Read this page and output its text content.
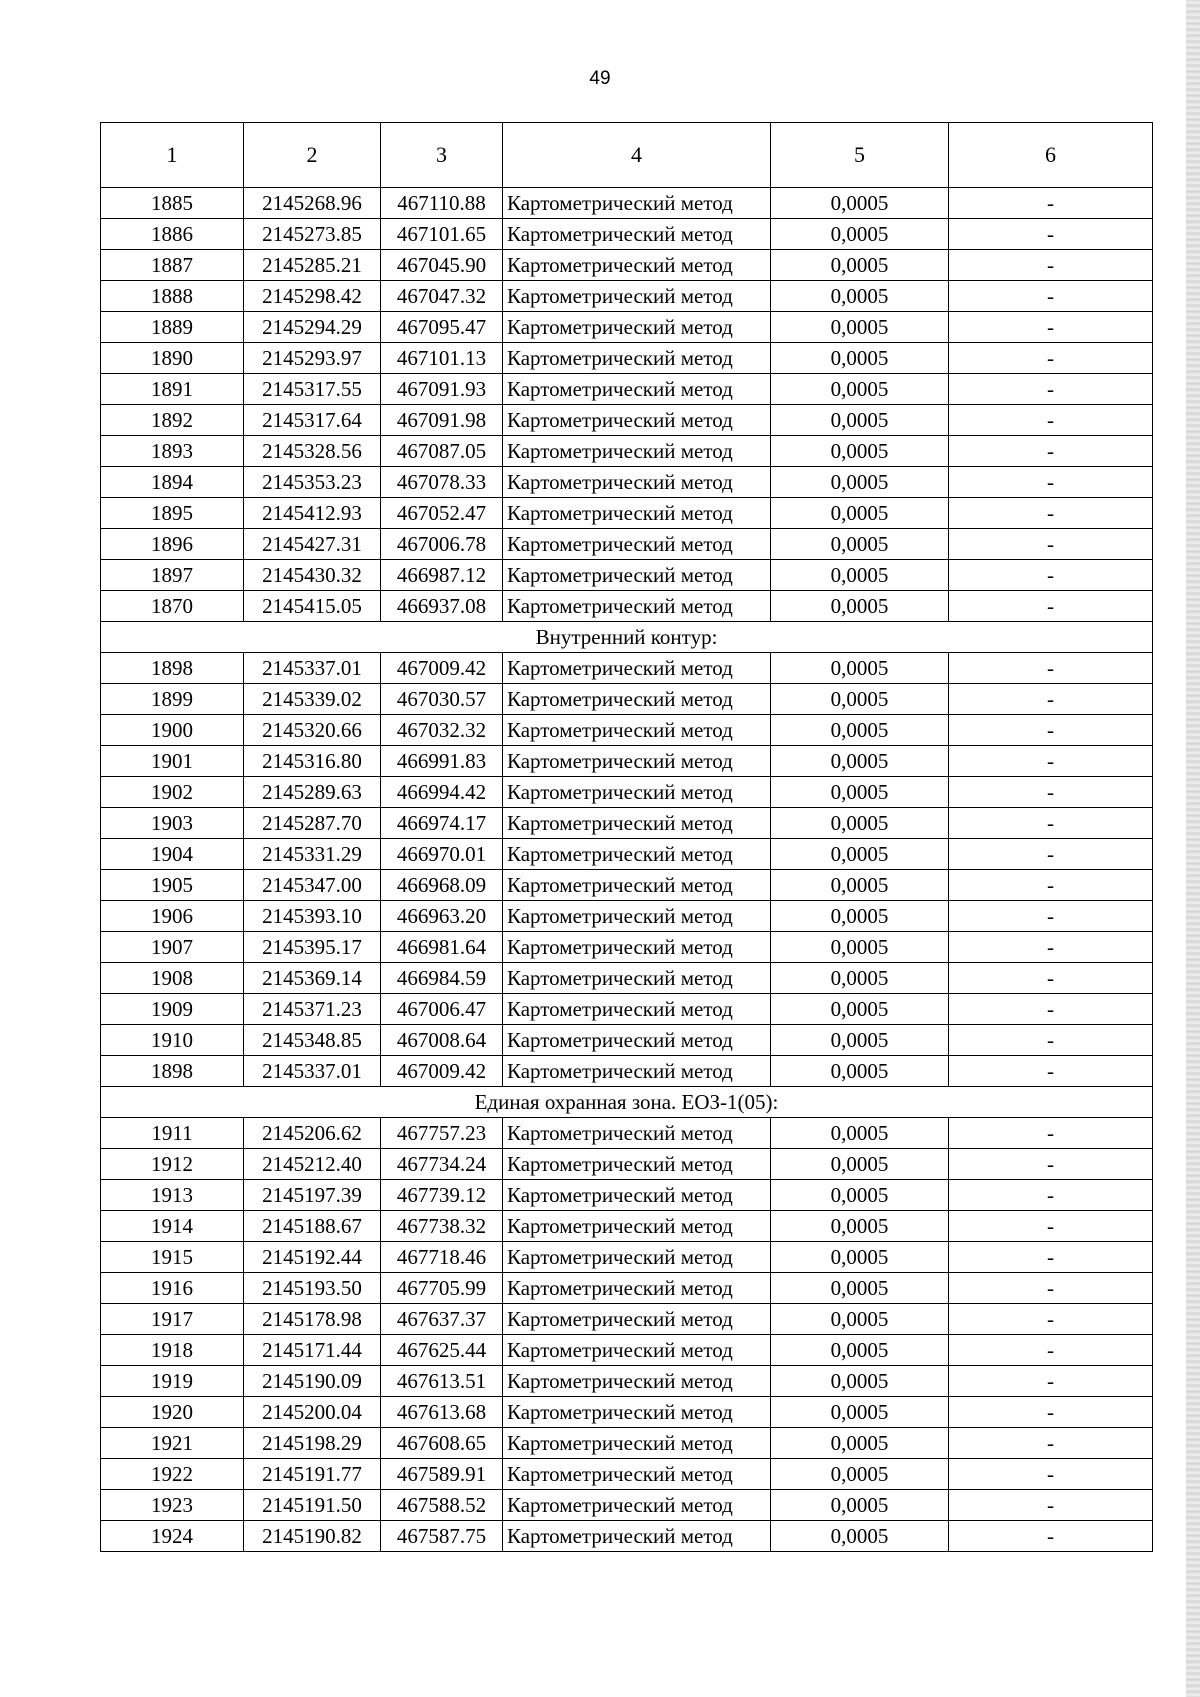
49
1	2	3	4	5	6
1885	2145268.96	467110.88	Картометрический метод	0,0005	-
1886	2145273.85	467101.65	Картометрический метод	0,0005	-
1887	2145285.21	467045.90	Картометрический метод	0,0005	-
1888	2145298.42	467047.32	Картометрический метод	0,0005	-
1889	2145294.29	467095.47	Картометрический метод	0,0005	-
1890	2145293.97	467101.13	Картометрический метод	0,0005	-
1891	2145317.55	467091.93	Картометрический метод	0,0005	-
1892	2145317.64	467091.98	Картометрический метод	0,0005	-
1893	2145328.56	467087.05	Картометрический метод	0,0005	-
1894	2145353.23	467078.33	Картометрический метод	0,0005	-
1895	2145412.93	467052.47	Картометрический метод	0,0005	-
1896	2145427.31	467006.78	Картометрический метод	0,0005	-
1897	2145430.32	466987.12	Картометрический метод	0,0005	-
1870	2145415.05	466937.08	Картометрический метод	0,0005	-
Внутренний контур:					
1898	2145337.01	467009.42	Картометрический метод	0,0005	-
1899	2145339.02	467030.57	Картометрический метод	0,0005	-
1900	2145320.66	467032.32	Картометрический метод	0,0005	-
1901	2145316.80	466991.83	Картометрический метод	0,0005	-
1902	2145289.63	466994.42	Картометрический метод	0,0005	-
1903	2145287.70	466974.17	Картометрический метод	0,0005	-
1904	2145331.29	466970.01	Картометрический метод	0,0005	-
1905	2145347.00	466968.09	Картометрический метод	0,0005	-
1906	2145393.10	466963.20	Картометрический метод	0,0005	-
1907	2145395.17	466981.64	Картометрический метод	0,0005	-
1908	2145369.14	466984.59	Картометрический метод	0,0005	-
1909	2145371.23	467006.47	Картометрический метод	0,0005	-
1910	2145348.85	467008.64	Картометрический метод	0,0005	-
1898	2145337.01	467009.42	Картометрический метод	0,0005	-
Единая охранная зона. ЕОЗ-1(05):					
1911	2145206.62	467757.23	Картометрический метод	0,0005	-
1912	2145212.40	467734.24	Картометрический метод	0,0005	-
1913	2145197.39	467739.12	Картометрический метод	0,0005	-
1914	2145188.67	467738.32	Картометрический метод	0,0005	-
1915	2145192.44	467718.46	Картометрический метод	0,0005	-
1916	2145193.50	467705.99	Картометрический метод	0,0005	-
1917	2145178.98	467637.37	Картометрический метод	0,0005	-
1918	2145171.44	467625.44	Картометрический метод	0,0005	-
1919	2145190.09	467613.51	Картометрический метод	0,0005	-
1920	2145200.04	467613.68	Картометрический метод	0,0005	-
1921	2145198.29	467608.65	Картометрический метод	0,0005	-
1922	2145191.77	467589.91	Картометрический метод	0,0005	-
1923	2145191.50	467588.52	Картометрический метод	0,0005	-
1924	2145190.82	467587.75	Картометрический метод	0,0005	-
